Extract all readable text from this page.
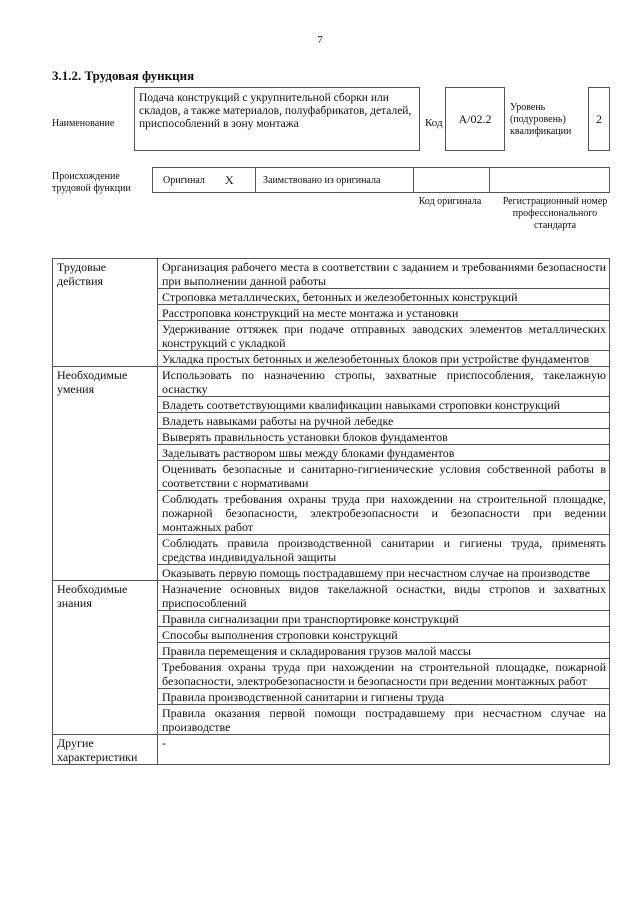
7
3.1.2. Трудовая функция
Наименование
Подача конструкций с укрупнительной сборки или складов, а также материалов, полуфабрикатов, деталей, приспособлений в зону монтажа	Код А/02.2
Уровень (подуровень) квалификации
2
Происхождение трудовой функции
Оригинал X	Заимствовано из оригинала
Код оригинала	Регистрационный номер профессионального стандарта
Трудовые действия	Организация рабочего места в соответствии с заданием и требованиями безопасности при выполнении данной работы
	Строповка металлических, бетонных и железобетонных конструкций
	Расстроповка конструкций на месте монтажа и установки
	Удерживание оттяжек при подаче отправных заводских элементов металлических конструкций с укладкой
	Укладка простых бетонных и железобетонных блоков при устройстве фундаментов
Необходимые умения	Использовать по назначению стропы, захватные приспособления, такелажную оснастку
	Владеть соответствующими квалификации навыками строповки конструкций
	Владеть навыками работы на ручной лебедке
	Выверять правильность установки блоков фундаментов
	Заделывать раствором швы между блоками фундаментов
	Оценивать безопасные и санитарно-гигиенические условия собственной работы в соответствии с нормативами
	Соблюдать требования охраны труда при нахождении на строительной площадке, пожарной безопасности, электробезопасности и безопасности при ведении монтажных работ
	Соблюдать правила производственной санитарии и гигиены труда, применять средства индивидуальной защиты
	Оказывать первую помощь пострадавшему при несчастном случае на производстве
Необходимые знания	Назначение основных видов такелажной оснастки, виды стропов и захватных приспособлений
	Правила сигнализации при транспортировке конструкций
	Способы выполнения строповки конструкций
	Правила перемещения и складирования грузов малой массы
	Требования охраны труда при нахождении на строительной площадке, пожарной безопасности, электробезопасности и безопасности при ведении монтажных работ
	Правила производственной санитарии и гигиены труда
	Правила оказания первой помощи пострадавшему при несчастном случае на производстве
Другие характеристики	-
